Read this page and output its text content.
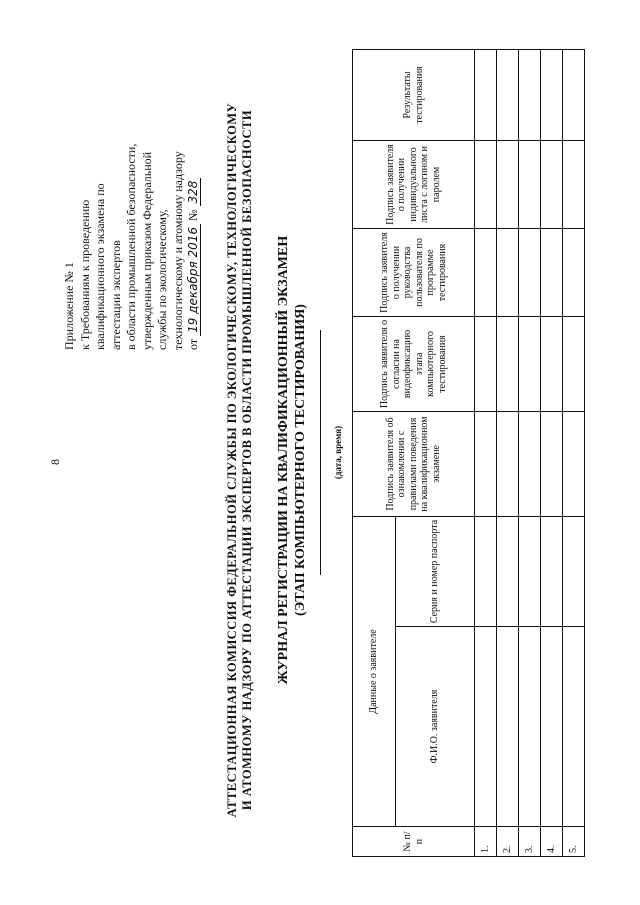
8
Приложение № 1 к Требованиям к проведению квалификационного экзамена по аттестации экспертов в области промышленной безопасности, утвержденным приказом Федеральной службы по экологическому, технологическому и атомному надзору от 19 декабря 2016 № 328 АТТЕСТАЦИОННАЯ КОМИССИЯ ФЕДЕРАЛЬНОЙ СЛУЖБЫ ПО ЭКОЛОГИЧЕСКОМУ, ТЕХНОЛОГИЧЕСКОМУ И АТОМНОМУ НАДЗОРУ ПО АТТЕСТАЦИИ ЭКСПЕРТОВ В ОБЛАСТИ ПРОМЫШЛЕННОЙ БЕЗОПАСНОСТИ ЖУРНАЛ РЕГИСТРАЦИИ НА КВАЛИФИКАЦИОННЫЙ ЭКЗАМЕН (ЭТАП КОМПЬЮТЕРНОГО ТЕСТИРОВАНИЯ)	(дата, время)
№ п/п	Данные о заявителе		Подпись заявителя об ознакомлении с правилами поведения на квалификационном экзамене	Подпись заявителя о согласии на видеофиксацию этапа компьютерного тестирования	Подпись заявителя о получении руководства пользователя по программе тестирования	Подпись заявителя о получении индивидуального листа с логином и паролем	Результаты тестирования
	Ф.И.О. заявителя	Серия и номер паспорта					
1.							
2.							
3.							
4.							
5.							
